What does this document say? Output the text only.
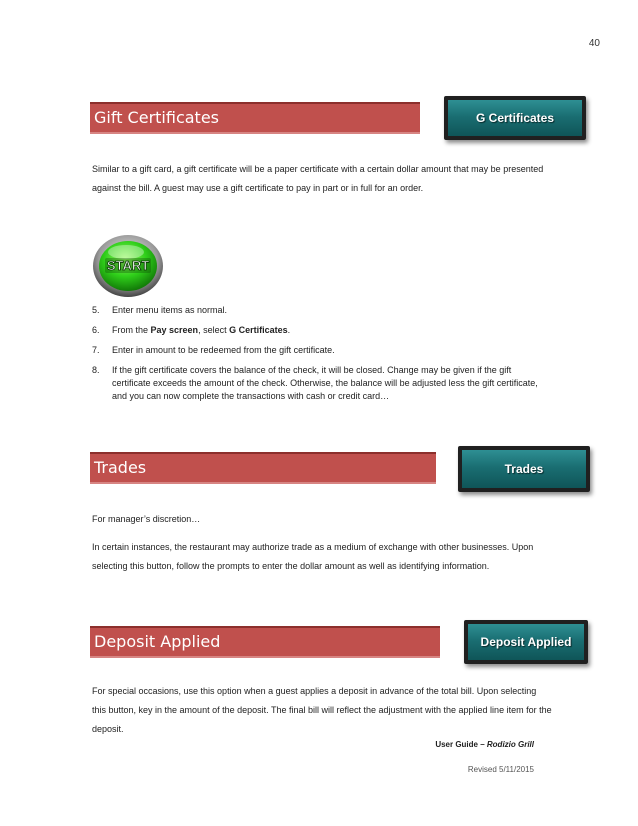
40
Gift Certificates	G Certificates
Similar to a gift card, a gift certificate will be a paper certificate with a certain dollar amount that may be presented against the bill. A guest may use a gift certificate to pay in part or in full for an order.
START
5. Enter menu items as normal.
6. From the Pay screen, select G Certificates.
7. Enter in amount to be redeemed from the gift certificate.
8. If the gift certificate covers the balance of the check, it will be closed. Change may be given if the gift certificate exceeds the amount of the check. Otherwise, the balance will be adjusted less the gift certificate, and you can now complete the transactions with cash or credit card…
Trades	Trades
For manager’s discretion…
In certain instances, the restaurant may authorize trade as a medium of exchange with other businesses. Upon selecting this button, follow the prompts to enter the dollar amount as well as identifying information.
Deposit Applied	Deposit Applied
For special occasions, use this option when a guest applies a deposit in advance of the total bill. Upon selecting this button, key in the amount of the deposit. The final bill will reflect the adjustment with the applied line item for the deposit.
User Guide – Rodizio Grill
Revised 5/11/2015
